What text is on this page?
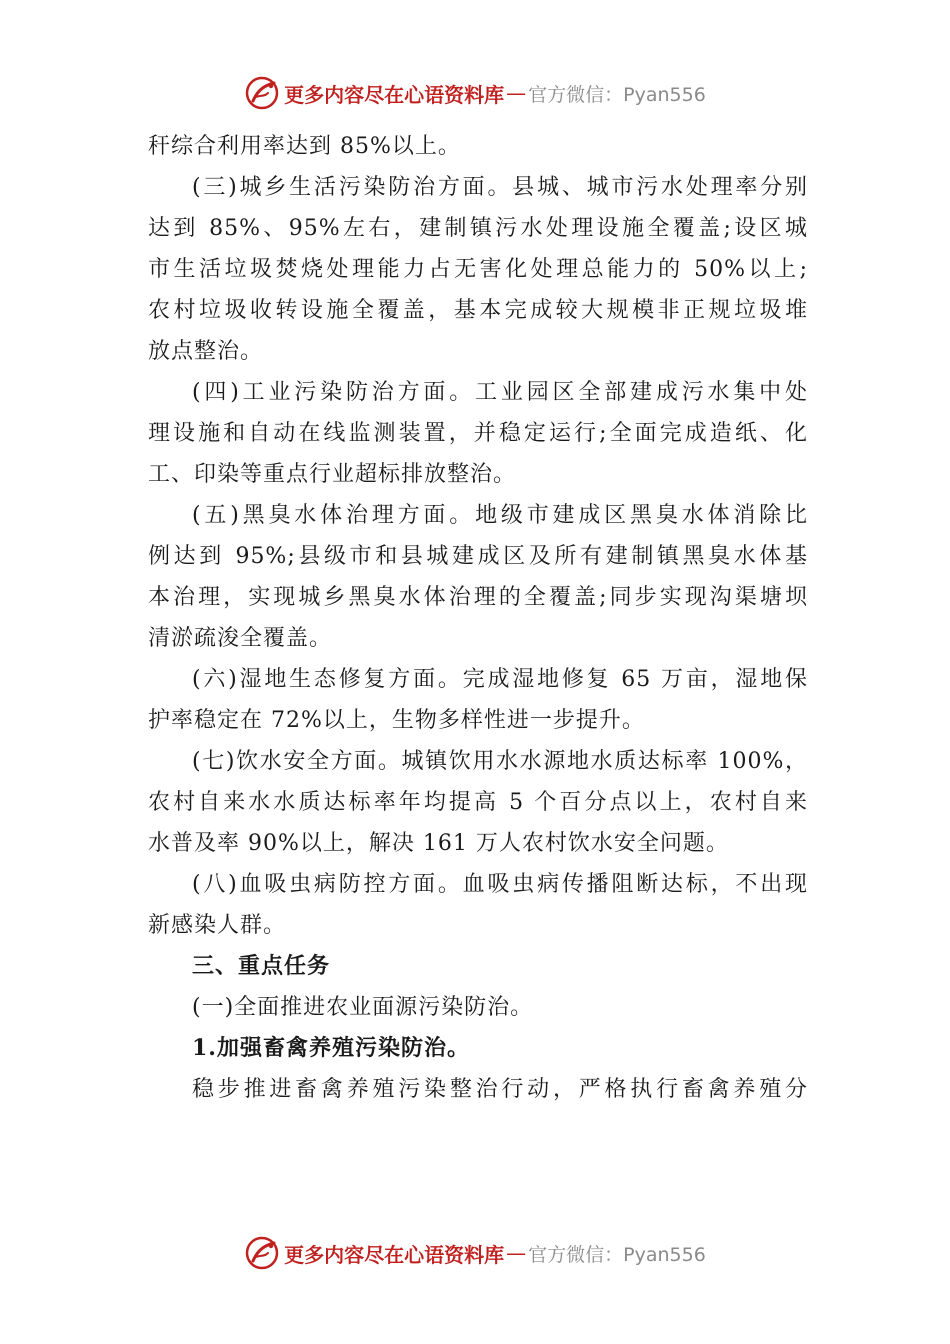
更多内容尽在心语资料库 — 官方微信：Pyan556
秆综合利用率达到 85%以上。
(三)城乡生活污染防治方面。县城、城市污水处理率分别
达到 85%、95%左右，建制镇污水处理设施全覆盖;设区城
市生活垃圾焚烧处理能力占无害化处理总能力的 50%以上;
农村垃圾收转设施全覆盖，基本完成较大规模非正规垃圾堆
放点整治。
(四)工业污染防治方面。工业园区全部建成污水集中处
理设施和自动在线监测装置，并稳定运行;全面完成造纸、化
工、印染等重点行业超标排放整治。
(五)黑臭水体治理方面。地级市建成区黑臭水体消除比
例达到 95%;县级市和县城建成区及所有建制镇黑臭水体基
本治理，实现城乡黑臭水体治理的全覆盖;同步实现沟渠塘坝
清淤疏浚全覆盖。
(六)湿地生态修复方面。完成湿地修复 65 万亩，湿地保
护率稳定在 72%以上，生物多样性进一步提升。
(七)饮水安全方面。城镇饮用水水源地水质达标率 100%，
农村自来水水质达标率年均提高 5 个百分点以上，农村自来
水普及率 90%以上，解决 161 万人农村饮水安全问题。
(八)血吸虫病防控方面。血吸虫病传播阻断达标，不出现
新感染人群。
三、重点任务
(一)全面推进农业面源污染防治。
1.加强畜禽养殖污染防治。
稳步推进畜禽养殖污染整治行动，严格执行畜禽养殖分
更多内容尽在心语资料库 — 官方微信：Pyan556
